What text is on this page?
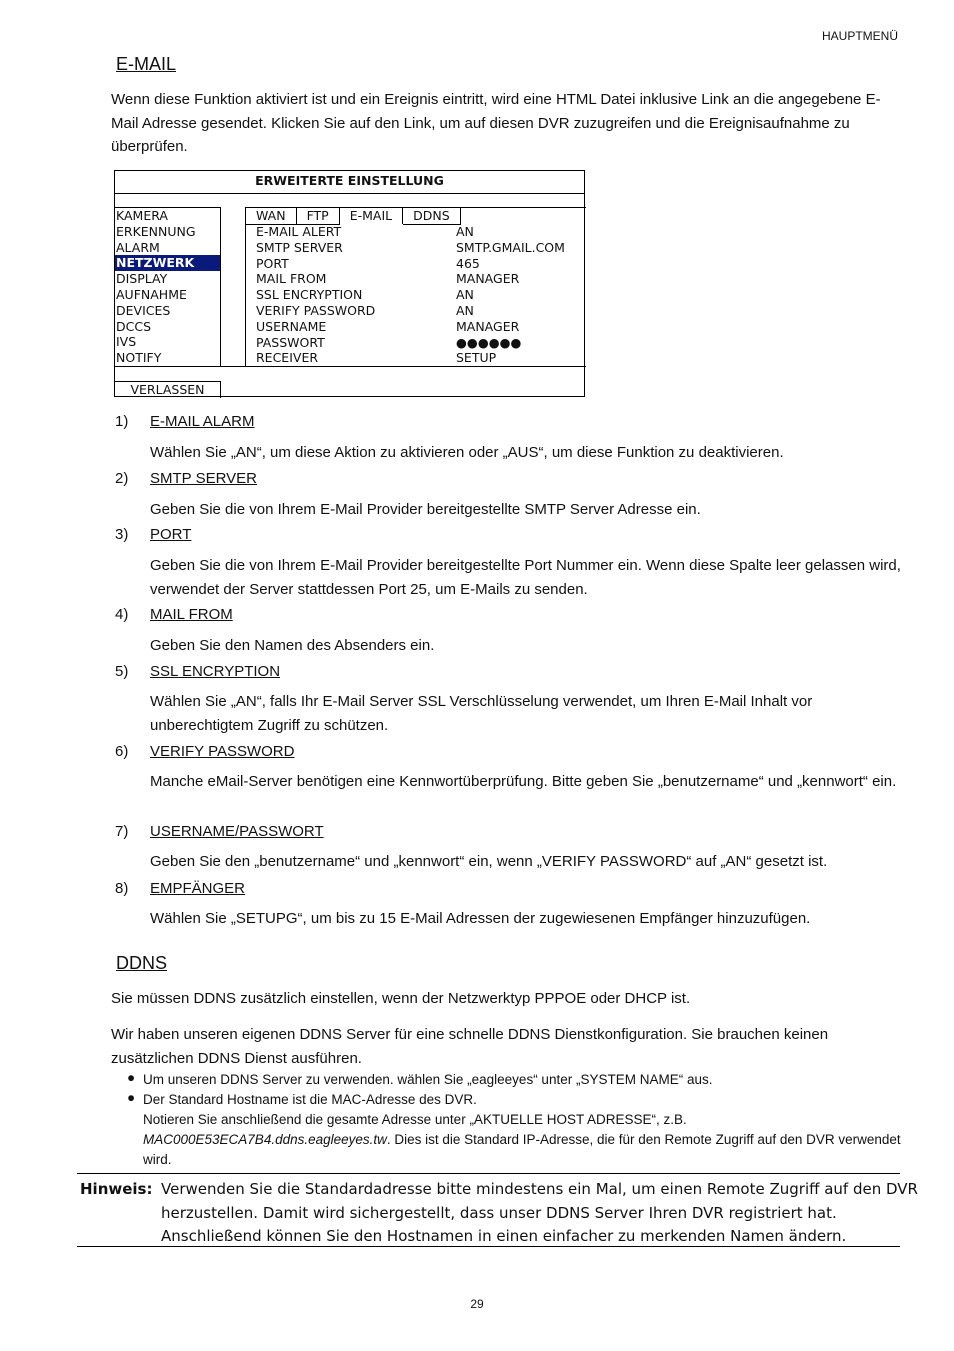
HAUPTMENÜ
E-MAIL
Wenn diese Funktion aktiviert ist und ein Ereignis eintritt, wird eine HTML Datei inklusive Link an die angegebene E-Mail Adresse gesendet. Klicken Sie auf den Link, um auf diesen DVR zuzugreifen und die Ereignisaufnahme zu überprüfen.
ERWEITERTE EINSTELLUNG
KAMERA
ERKENNUNG
ALARM
NETZWERK
DISPLAY
AUFNAHME
DEVICES
DCCS
IVS
NOTIFY
WAN	FTP	E-MAIL	DDNS
E-MAIL ALERT	AN
SMTP SERVER	SMTP.GMAIL.COM
PORT	465
MAIL FROM	MANAGER
SSL ENCRYPTION	AN
VERIFY PASSWORD	AN
USERNAME	MANAGER
PASSWORT	●●●●●●
RECEIVER	SETUP
VERLASSEN
1) E-MAIL ALARM
Wählen Sie „AN“, um diese Aktion zu aktivieren oder „AUS“, um diese Funktion zu deaktivieren.
2) SMTP SERVER
Geben Sie die von Ihrem E-Mail Provider bereitgestellte SMTP Server Adresse ein.
3) PORT
Geben Sie die von Ihrem E-Mail Provider bereitgestellte Port Nummer ein. Wenn diese Spalte leer gelassen wird, verwendet der Server stattdessen Port 25, um E-Mails zu senden.
4) MAIL FROM
Geben Sie den Namen des Absenders ein.
5) SSL ENCRYPTION
Wählen Sie „AN“, falls Ihr E-Mail Server SSL Verschlüsselung verwendet, um Ihren E-Mail Inhalt vor unberechtigtem Zugriff zu schützen.
6) VERIFY PASSWORD
Manche eMail-Server benötigen eine Kennwortüberprüfung. Bitte geben Sie „benutzername“ und „kennwort“ ein.
7) USERNAME/PASSWORT
Geben Sie den „benutzername“ und „kennwort“ ein, wenn „VERIFY PASSWORD“ auf „AN“ gesetzt ist.
8) EMPFÄNGER
Wählen Sie „SETUPG“, um bis zu 15 E-Mail Adressen der zugewiesenen Empfänger hinzuzufügen.
DDNS
Sie müssen DDNS zusätzlich einstellen, wenn der Netzwerktyp PPPOE oder DHCP ist.
Wir haben unseren eigenen DDNS Server für eine schnelle DDNS Dienstkonfiguration. Sie brauchen keinen zusätzlichen DDNS Dienst ausführen.
● Um unseren DDNS Server zu verwenden. wählen Sie „eagleeyes“ unter „SYSTEM NAME“ aus.
● Der Standard Hostname ist die MAC-Adresse des DVR.
Notieren Sie anschließend die gesamte Adresse unter „AKTUELLE HOST ADRESSE“, z.B.
MAC000E53ECA7B4.ddns.eagleeyes.tw. Dies ist die Standard IP-Adresse, die für den Remote Zugriff auf den DVR verwendet wird.
Hinweis: Verwenden Sie die Standardadresse bitte mindestens ein Mal, um einen Remote Zugriff auf den DVR herzustellen. Damit wird sichergestellt, dass unser DDNS Server Ihren DVR registriert hat. Anschließend können Sie den Hostnamen in einen einfacher zu merkenden Namen ändern.
29
